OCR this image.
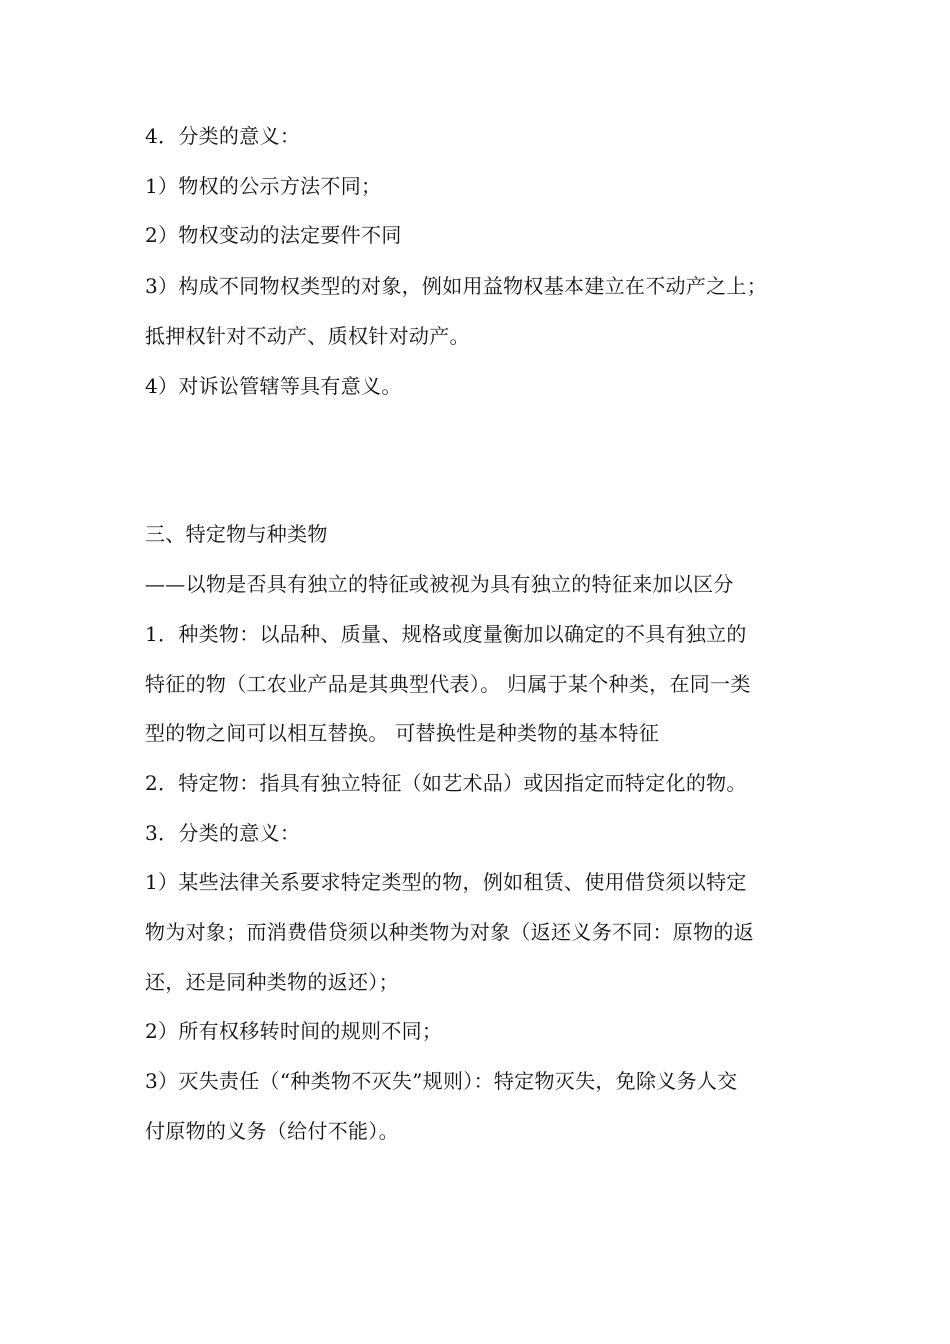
4．分类的意义：
1）物权的公示方法不同；
2）物权变动的法定要件不同
3）构成不同物权类型的对象，例如用益物权基本建立在不动产之上；
抵押权针对不动产、质权针对动产。
4）对诉讼管辖等具有意义。
三、特定物与种类物
——以物是否具有独立的特征或被视为具有独立的特征来加以区分
1．种类物：以品种、质量、规格或度量衡加以确定的不具有独立的
特征的物（工农业产品是其典型代表）。 归属于某个种类，在同一类
型的物之间可以相互替换。 可替换性是种类物的基本特征
2．特定物：指具有独立特征（如艺术品）或因指定而特定化的物。
3．分类的意义：
1）某些法律关系要求特定类型的物，例如租赁、使用借贷须以特定
物为对象；而消费借贷须以种类物为对象（返还义务不同：原物的返
还，还是同种类物的返还）；
2）所有权移转时间的规则不同；
3）灭失责任（“种类物不灭失”规则）：特定物灭失，免除义务人交
付原物的义务（给付不能）。
